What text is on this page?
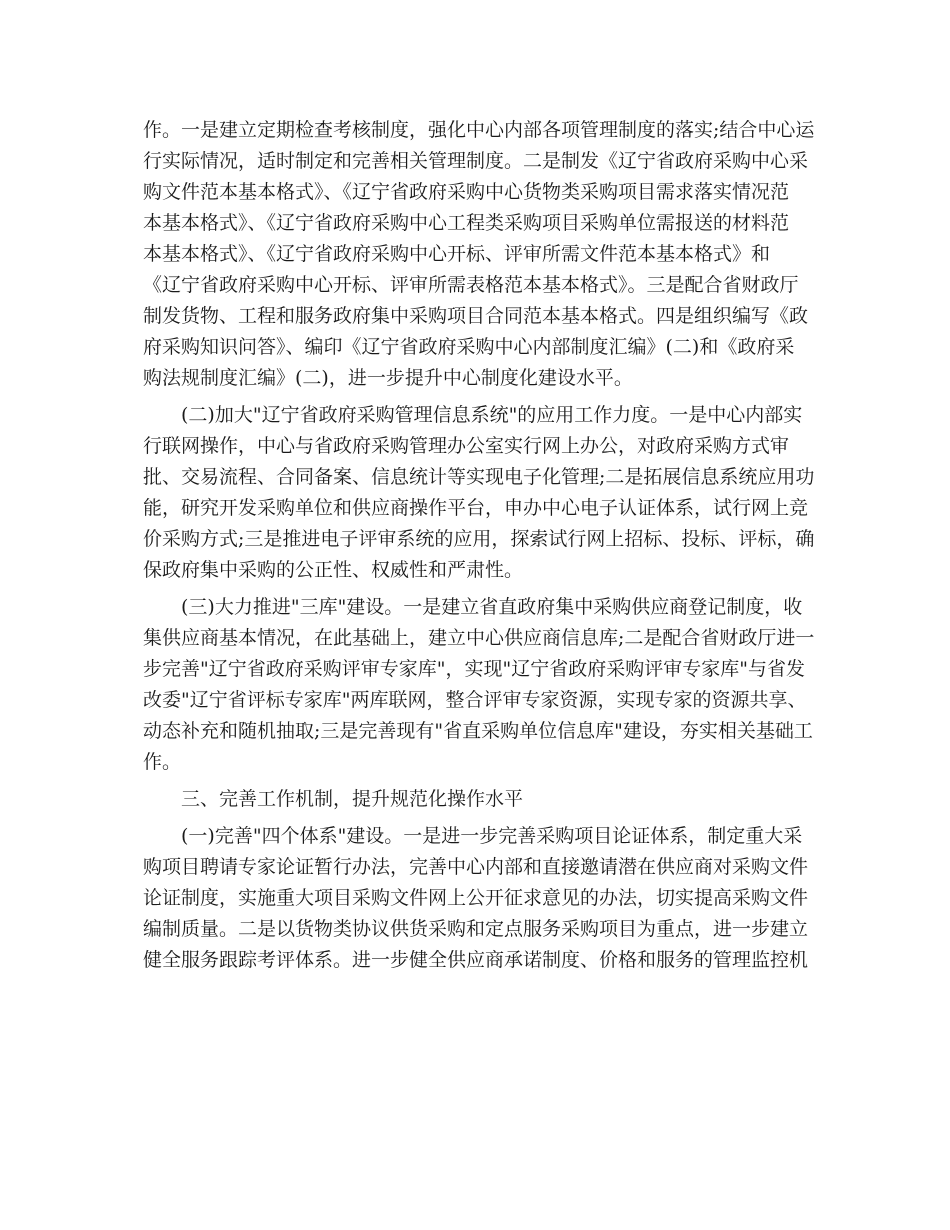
作。一是建立定期检查考核制度，强化中心内部各项管理制度的落实;结合中心运
行实际情况，适时制定和完善相关管理制度。二是制发《辽宁省政府采购中心采
购文件范本基本格式》、《辽宁省政府采购中心货物类采购项目需求落实情况范
本基本格式》、《辽宁省政府采购中心工程类采购项目采购单位需报送的材料范
本基本格式》、《辽宁省政府采购中心开标、评审所需文件范本基本格式》和
《辽宁省政府采购中心开标、评审所需表格范本基本格式》。三是配合省财政厅
制发货物、工程和服务政府集中采购项目合同范本基本格式。四是组织编写《政
府采购知识问答》、编印《辽宁省政府采购中心内部制度汇编》(二)和《政府采
购法规制度汇编》(二)，进一步提升中心制度化建设水平。
(二)加大"辽宁省政府采购管理信息系统"的应用工作力度。一是中心内部实
行联网操作，中心与省政府采购管理办公室实行网上办公，对政府采购方式审
批、交易流程、合同备案、信息统计等实现电子化管理;二是拓展信息系统应用功
能，研究开发采购单位和供应商操作平台，申办中心电子认证体系，试行网上竞
价采购方式;三是推进电子评审系统的应用，探索试行网上招标、投标、评标，确
保政府集中采购的公正性、权威性和严肃性。
(三)大力推进"三库"建设。一是建立省直政府集中采购供应商登记制度，收
集供应商基本情况，在此基础上，建立中心供应商信息库;二是配合省财政厅进一
步完善"辽宁省政府采购评审专家库"，实现"辽宁省政府采购评审专家库"与省发
改委"辽宁省评标专家库"两库联网，整合评审专家资源，实现专家的资源共享、
动态补充和随机抽取;三是完善现有"省直采购单位信息库"建设，夯实相关基础工
作。
三、完善工作机制，提升规范化操作水平
(一)完善"四个体系"建设。一是进一步完善采购项目论证体系，制定重大采
购项目聘请专家论证暂行办法，完善中心内部和直接邀请潜在供应商对采购文件
论证制度，实施重大项目采购文件网上公开征求意见的办法，切实提高采购文件
编制质量。二是以货物类协议供货采购和定点服务采购项目为重点，进一步建立
健全服务跟踪考评体系。进一步健全供应商承诺制度、价格和服务的管理监控机
